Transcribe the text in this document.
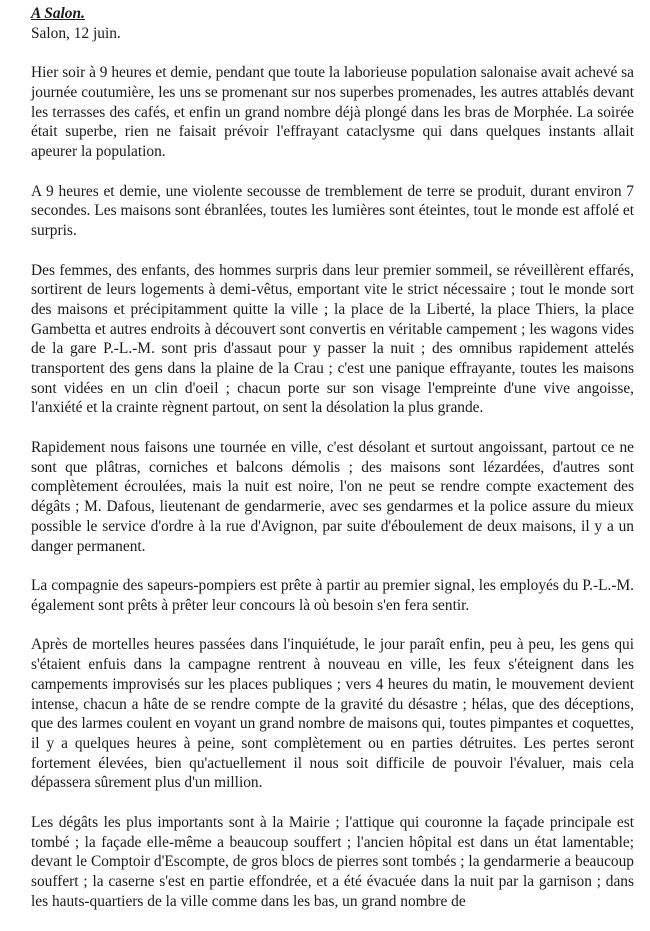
A Salon.

Salon, 12 juin.

Hier soir à 9 heures et demie, pendant que toute la laborieuse population salonaise avait achevé sa journée coutumière, les uns se promenant sur nos superbes promenades, les autres attablés devant les terrasses des cafés, et enfin un grand nombre déjà plongé dans les bras de Morphée. La soirée était superbe, rien ne faisait prévoir l'effrayant cataclysme qui dans quelques instants allait apeurer la population.

A 9 heures et demie, une violente secousse de tremblement de terre se produit, durant environ 7 secondes. Les maisons sont ébranlées, toutes les lumières sont éteintes, tout le monde est affolé et surpris.

Des femmes, des enfants, des hommes surpris dans leur premier sommeil, se réveillèrent effarés, sortirent de leurs logements à demi-vêtus, emportant vite le strict nécessaire ; tout le monde sort des maisons et précipitamment quitte la ville ; la place de la Liberté, la place Thiers, la place Gambetta et autres endroits à découvert sont convertis en véritable campement ; les wagons vides de la gare P.-L.-M. sont pris d'assaut pour y passer la nuit ; des omnibus rapidement attelés transportent des gens dans la plaine de la Crau ; c'est une panique effrayante, toutes les maisons sont vidées en un clin d'oeil ; chacun porte sur son visage l'empreinte d'une vive angoisse, l'anxiété et la crainte règnent partout, on sent la désolation la plus grande.

Rapidement nous faisons une tournée en ville, c'est désolant et surtout angoissant, partout ce ne sont que plâtras, corniches et balcons démolis ; des maisons sont lézardées, d'autres sont complètement écroulées, mais la nuit est noire, l'on ne peut se rendre compte exactement des dégâts ; M. Dafous, lieutenant de gendarmerie, avec ses gendarmes et la police assure du mieux possible le service d'ordre à la rue d'Avignon, par suite d'éboulement de deux maisons, il y a un danger permanent.

La compagnie des sapeurs-pompiers est prête à partir au premier signal, les employés du P.-L.-M. également sont prêts à prêter leur concours là où besoin s'en fera sentir.

Après de mortelles heures passées dans l'inquiétude, le jour paraît enfin, peu à peu, les gens qui s'étaient enfuis dans la campagne rentrent à nouveau en ville, les feux s'éteignent dans les campements improvisés sur les places publiques ; vers 4 heures du matin, le mouvement devient intense, chacun a hâte de se rendre compte de la gravité du désastre ; hélas, que des déceptions, que des larmes coulent en voyant un grand nombre de maisons qui, toutes pimpantes et coquettes, il y a quelques heures à peine, sont complètement ou en parties détruites. Les pertes seront fortement élevées, bien qu'actuellement il nous soit difficile de pouvoir l'évaluer, mais cela dépassera sûrement plus d'un million.

Les dégâts les plus importants sont à la Mairie ; l'attique qui couronne la façade principale est tombé ; la façade elle-même a beaucoup souffert ; l'ancien hôpital est dans un état lamentable; devant le Comptoir d'Escompte, de gros blocs de pierres sont tombés ; la gendarmerie a beaucoup souffert ; la caserne s'est en partie effondrée, et a été évacuée dans la nuit par la garnison ; dans les hauts-quartiers de la ville comme dans les bas, un grand nombre de
